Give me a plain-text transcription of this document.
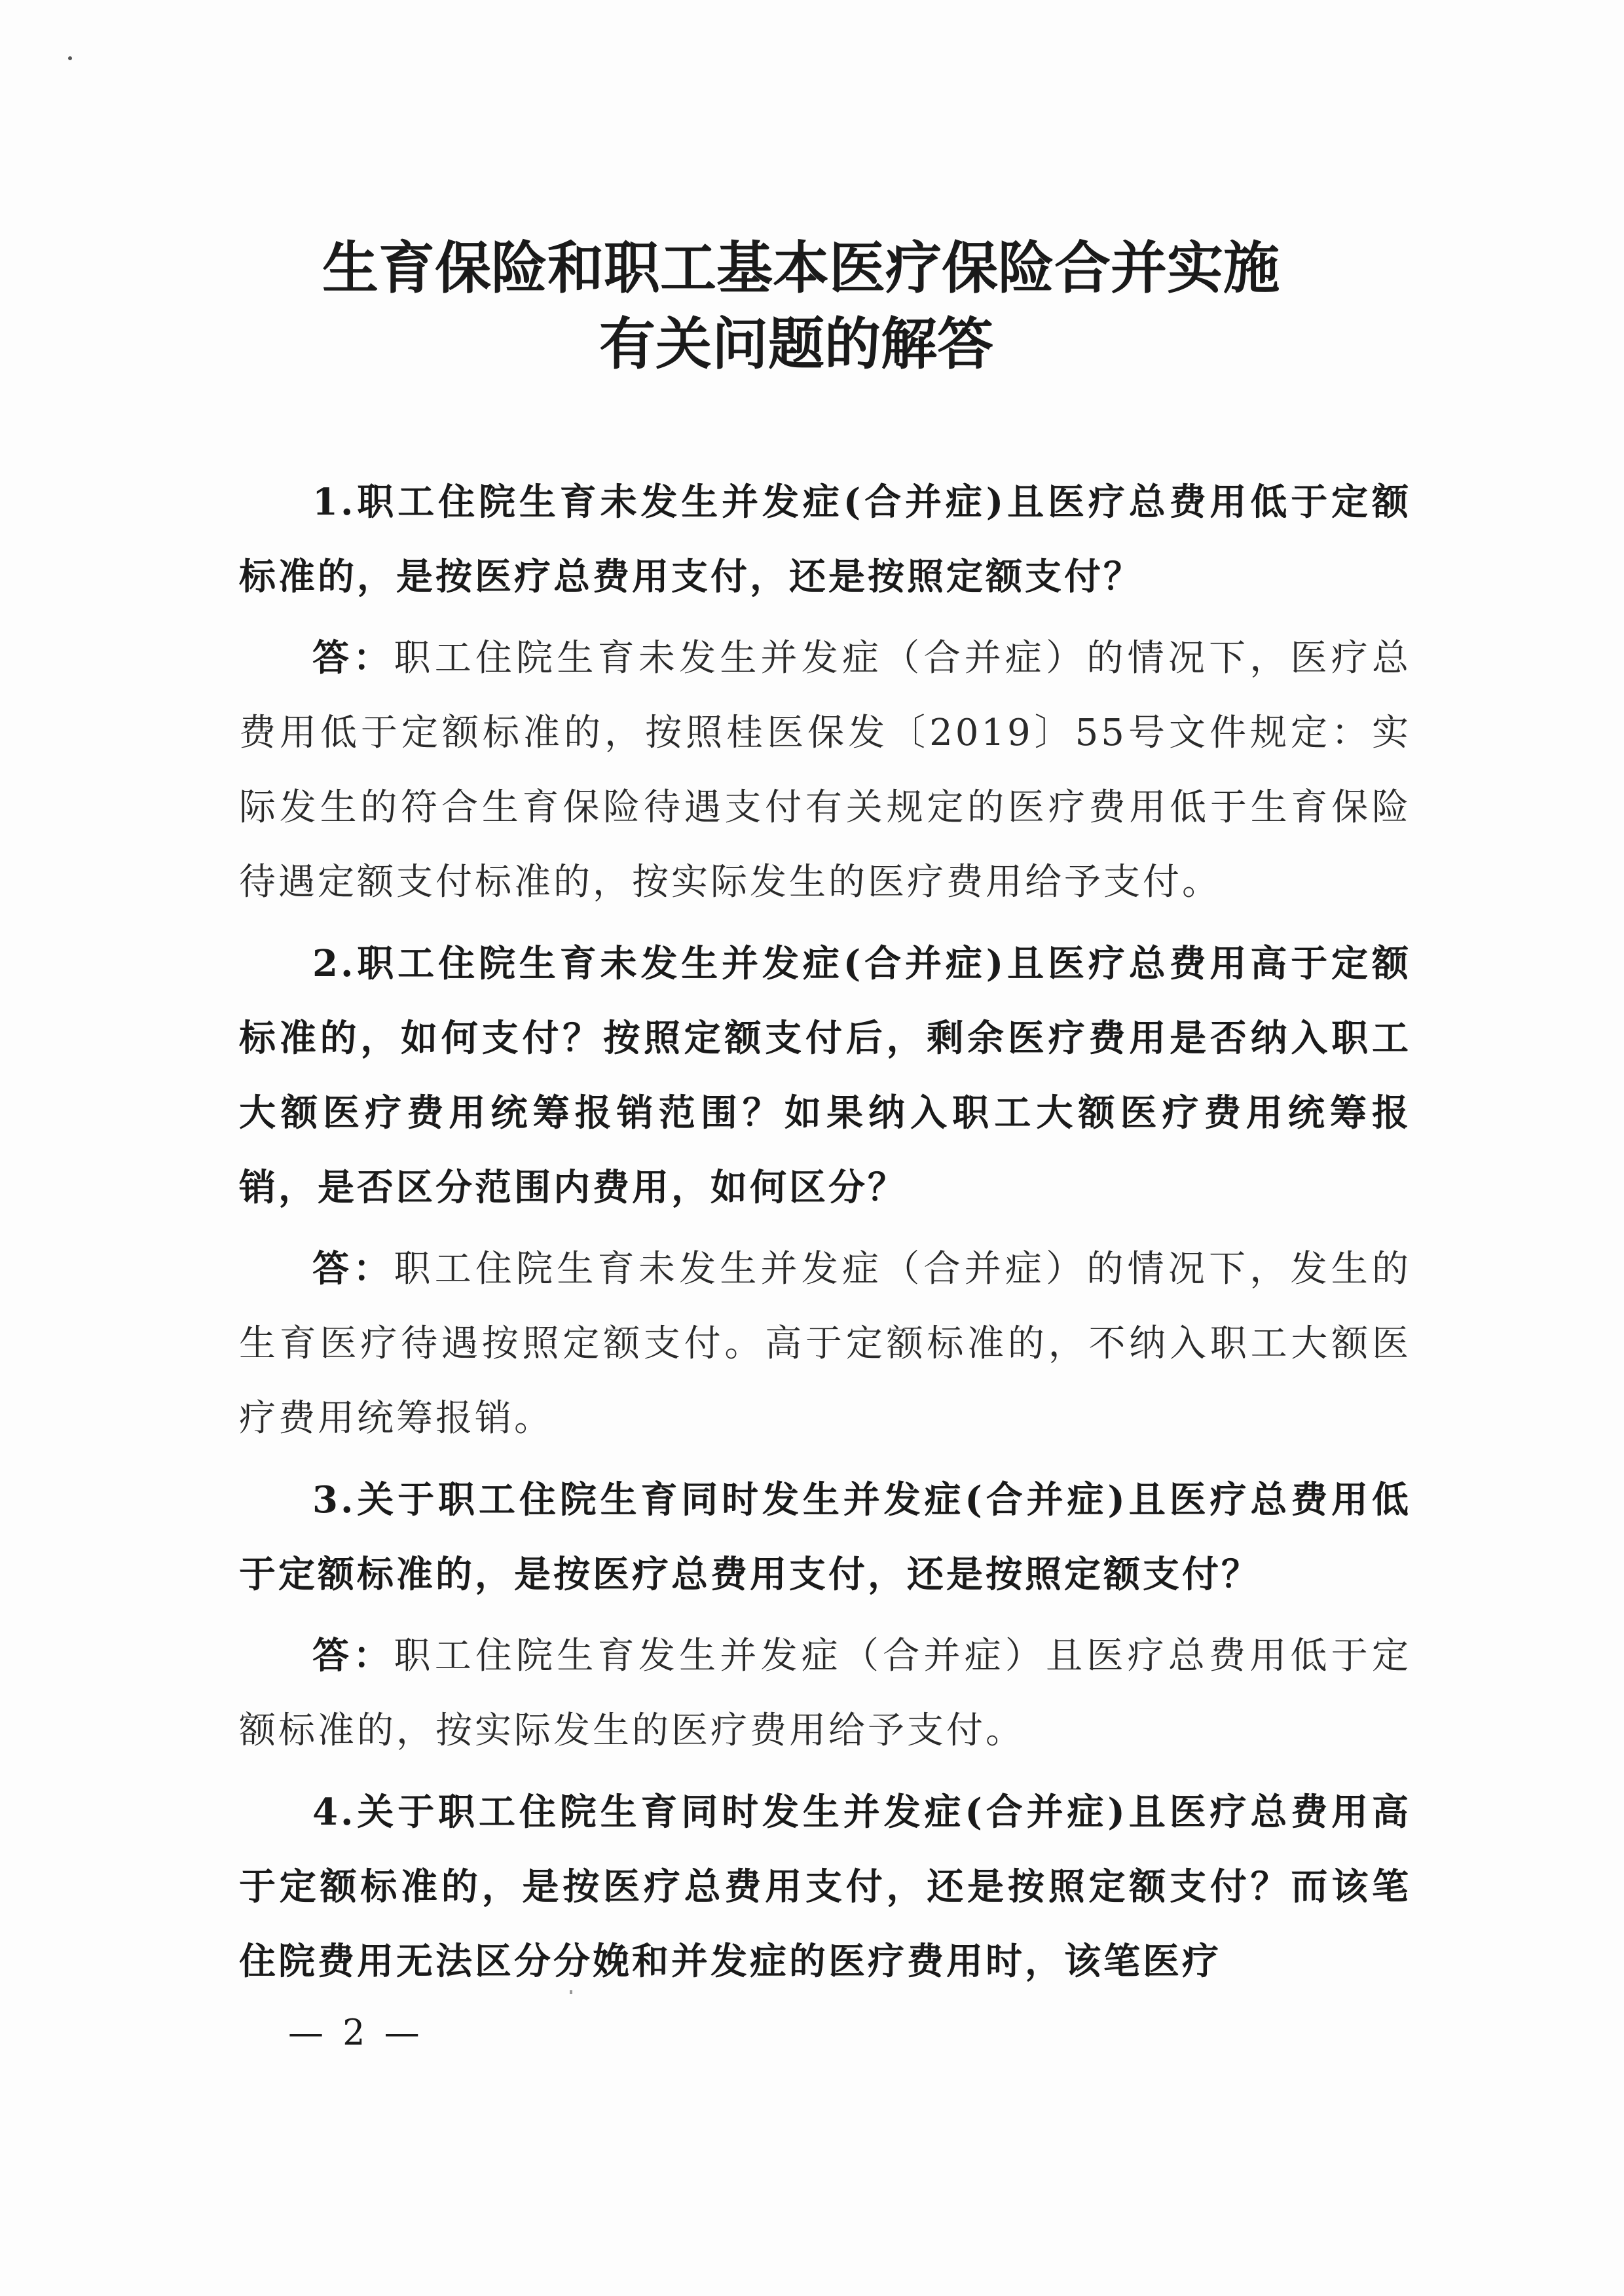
生育保险和职工基本医疗保险合并实施
有关问题的解答

1.职工住院生育未发生并发症(合并症)且医疗总费用低于定额标准的，是按医疗总费用支付，还是按照定额支付？

答：职工住院生育未发生并发症（合并症）的情况下，医疗总费用低于定额标准的，按照桂医保发〔2019〕55号文件规定：实际发生的符合生育保险待遇支付有关规定的医疗费用低于生育保险待遇定额支付标准的，按实际发生的医疗费用给予支付。

2.职工住院生育未发生并发症(合并症)且医疗总费用高于定额标准的，如何支付？按照定额支付后，剩余医疗费用是否纳入职工大额医疗费用统筹报销范围？如果纳入职工大额医疗费用统筹报销，是否区分范围内费用，如何区分？

答：职工住院生育未发生并发症（合并症）的情况下，发生的生育医疗待遇按照定额支付。高于定额标准的，不纳入职工大额医疗费用统筹报销。

3.关于职工住院生育同时发生并发症(合并症)且医疗总费用低于定额标准的，是按医疗总费用支付，还是按照定额支付？

答：职工住院生育发生并发症（合并症）且医疗总费用低于定额标准的，按实际发生的医疗费用给予支付。

4.关于职工住院生育同时发生并发症(合并症)且医疗总费用高于定额标准的，是按医疗总费用支付，还是按照定额支付？而该笔住院费用无法区分分娩和并发症的医疗费用时，该笔医疗

— 2 —
